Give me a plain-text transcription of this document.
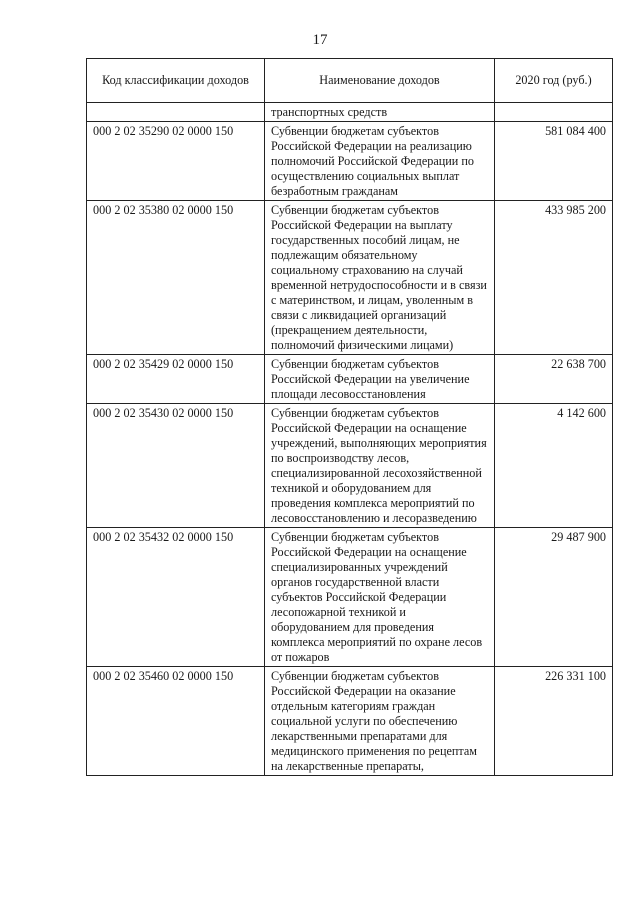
17
Код классификации доходов	Наименование доходов	2020 год (руб.)
	транспортных средств	
000 2 02 35290 02 0000 150	Субвенции бюджетам субъектов Российской Федерации на реализацию полномочий Российской Федерации по осуществлению социальных выплат безработным гражданам	581 084 400
000 2 02 35380 02 0000 150	Субвенции бюджетам субъектов Российской Федерации на выплату государственных пособий лицам, не подлежащим обязательному социальному страхованию на случай временной нетрудоспособности и в связи с материнством, и лицам, уволенным в связи с ликвидацией организаций (прекращением деятельности, полномочий физическими лицами)	433 985 200
000 2 02 35429 02 0000 150	Субвенции бюджетам субъектов Российской Федерации на увеличение площади лесовосстановления	22 638 700
000 2 02 35430 02 0000 150	Субвенции бюджетам субъектов Российской Федерации на оснащение учреждений, выполняющих мероприятия по воспроизводству лесов, специализированной лесохозяйственной техникой и оборудованием для проведения комплекса мероприятий по лесовосстановлению и лесоразведению	4 142 600
000 2 02 35432 02 0000 150	Субвенции бюджетам субъектов Российской Федерации на оснащение специализированных учреждений органов государственной власти субъектов Российской Федерации лесопожарной техникой и оборудованием для проведения комплекса мероприятий по охране лесов от пожаров	29 487 900
000 2 02 35460 02 0000 150	Субвенции бюджетам субъектов Российской Федерации на оказание отдельным категориям граждан социальной услуги по обеспечению лекарственными препаратами для медицинского применения по рецептам на лекарственные препараты,	226 331 100
